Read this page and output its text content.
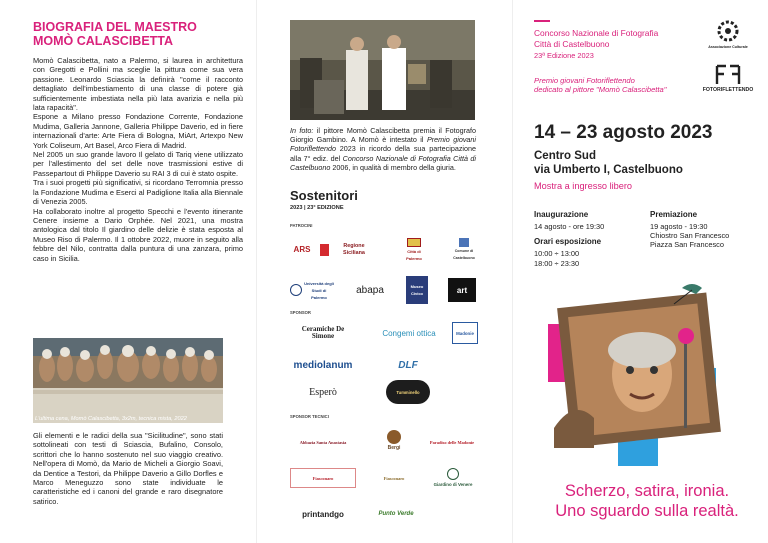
BIOGRAFIA DEL MAESTRO
MOMÒ CALASCIBETTA

Momò Calascibetta, nato a Palermo, si laurea in architettura con Gregotti e Pollini ma sceglie la pittura come sua vera passione. Leonardo Sciascia la definirà "come il racconto dettagliato dell'imbestiamento di una classe di potere già sufficientemente imbestiata nella più lata avarizia e nella più lata rapacità".

Espone a Milano presso Fondazione Corrente, Fondazione Mudima, Galleria Jannone, Galleria Philippe Daverio, ed in fiere internazionali d'arte: Arte Fiera di Bologna, MiArt, Artexpo New York Coliseum, Art Basel, Arco Fiera di Madrid.

Nel 2005 un suo grande lavoro Il gelato di Tariq viene utilizzato per l'allestimento del set delle nove trasmissioni estive di Passepartout di Philippe Daverio su RAI 3 di cui è stato ospite.

Tra i suoi progetti più significativi, si ricordano Terromnia presso la Fondazione Mudima e Eserci al Padiglione Italia alla Biennale di Venezia 2005.

Ha collaborato inoltre al progetto Specchi e l'evento itinerante Cenere insieme a Dario Orphée. Nel 2021, una mostra antologica dal titolo Il giardino delle delizie è stata esposta al Museo Riso di Palermo. Il 1 ottobre 2022, muore in seguito alla febbre del Nilo, contratta dalla puntura di una zanzara, primo caso in Sicilia.

L'ultima cena, Momò Calascibetta, 3x2m, tecnica mista, 2022
Gli elementi e le radici della sua "Sicilitudine", sono stati sottolineati con testi di Sciascia, Bufalino, Consolo, scrittori che lo hanno sostenuto nel suo viaggio creativo. Nell'opera di Momò, da Mario de Micheli a Giorgio Soavi, da Dentice a Testori, da Philippe Daverio a Gillo Dorfles e Marco Meneguzzo sono state individuate le caratteristiche ed i canoni del grande e raro disegnatore satirico.
In foto: il pittore Momò Calascibetta premia il Fotografo Giorgio Gambino. A Momò è intestato il Premio giovani Fotoriflettendo 2023 in ricordo della sua partecipazione alla 7° ediz. del Concorso Nazionale di Fotografia Città di Castelbuono 2006, in qualità di membro della giuria.
Sostenitori
2023 | 23° EDIZIONE
PATROCINI
ARS	Regione Siciliana	Città di Palermo
Comune di Castelbuono
Università degli Studi di Palermo
abapa	Museo Civico	art
SPONSOR
Ceramiche De Simone	Congemi ottica	Madonie
mediolanum	DLF
Esperò	Tumminello
SPONSOR TECNICI
Abbazia Santa Anastasia
Bergi
Paradiso delle Madonie
Fiasconaro	Fiasconaro
Giardino di Venere
printandgo	Punto Verde
Concorso Nazionale di Fotografia
Città di Castelbuono
23ª Edizione 2023
Premio giovani Fotoriflettendo
dedicato al pittore "Momò Calascibetta"
Associazione Culturale
FOTORIFLETTENDO
14 – 23 agosto 2023
Centro Sud
via Umberto I, Castelbuono
Mostra a ingresso libero
Inaugurazione
14 agosto - ore 19:30
Orari esposizione
10:00 ÷ 13:00
18:00 ÷ 23:30
Premiazione
19 agosto - 19:30
Chiostro San Francesco
Piazza San Francesco
Scherzo, satira, ironia.
Uno sguardo sulla realtà.
